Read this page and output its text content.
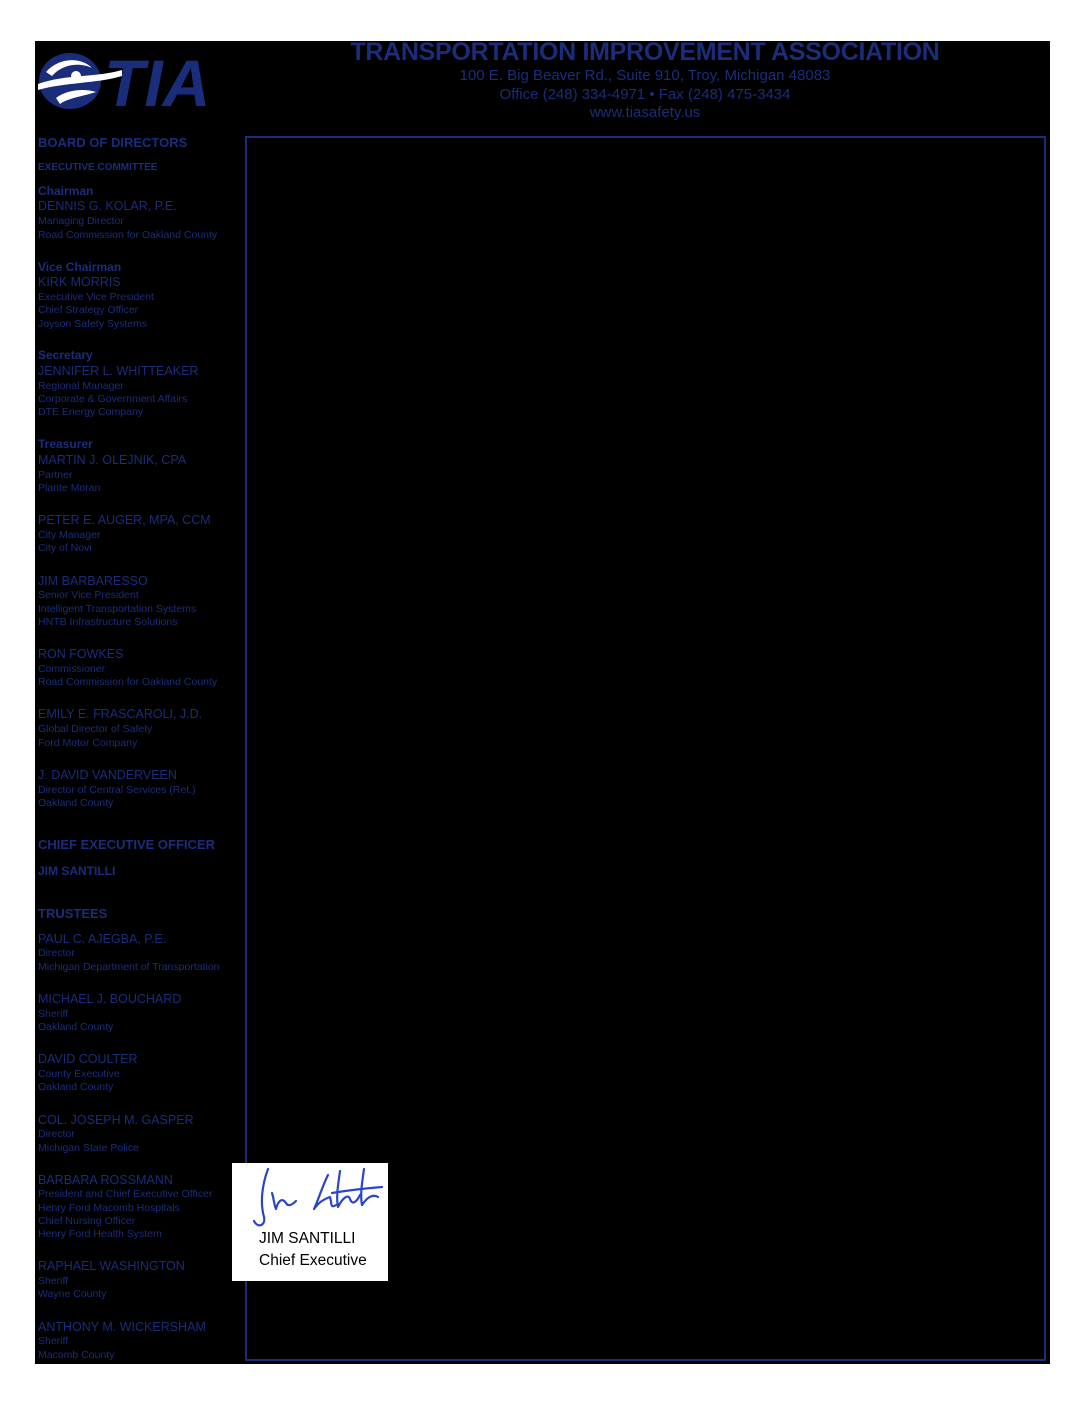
TIA	TRANSPORTATION IMPROVEMENT ASSOCIATION
100 E. Big Beaver Rd., Suite 910, Troy, Michigan 48083
Office (248) 334-4971 • Fax (248) 475-3434
www.tiasafety.us
BOARD OF DIRECTORS
EXECUTIVE COMMITTEE
Chairman
DENNIS G. KOLAR, P.E.
Managing Director
Road Commission for Oakland County
Vice Chairman
KIRK MORRIS
Executive Vice President
Chief Strategy Officer
Joyson Safety Systems
Secretary
JENNIFER L. WHITTEAKER
Regional Manager
Corporate & Government Affairs
DTE Energy Company
Treasurer
MARTIN J. OLEJNIK, CPA
Partner
Plante Moran
PETER E. AUGER, MPA, CCM
City Manager
City of Novi
JIM BARBARESSO
Senior Vice President
Intelligent Transportation Systems
HNTB Infrastructure Solutions
RON FOWKES
Commissioner
Road Commission for Oakland County
EMILY E. FRASCAROLI, J.D.
Global Director of Safety
Ford Motor Company
J. DAVID VANDERVEEN
Director of Central Services (Ret.)
Oakland County
CHIEF EXECUTIVE OFFICER
JIM SANTILLI
TRUSTEES
PAUL C. AJEGBA, P.E.
Director
Michigan Department of Transportation
MICHAEL J. BOUCHARD
Sheriff
Oakland County
DAVID COULTER
County Executive
Oakland County
COL. JOSEPH M. GASPER
Director
Michigan State Police
BARBARA ROSSMANN
President and Chief Executive Officer
Henry Ford Macomb Hospitals
Chief Nursing Officer
Henry Ford Health System
RAPHAEL WASHINGTON
Sheriff
Wayne County
ANTHONY M. WICKERSHAM
Sheriff
Macomb County
JIM SANTILLI
Chief Executive
